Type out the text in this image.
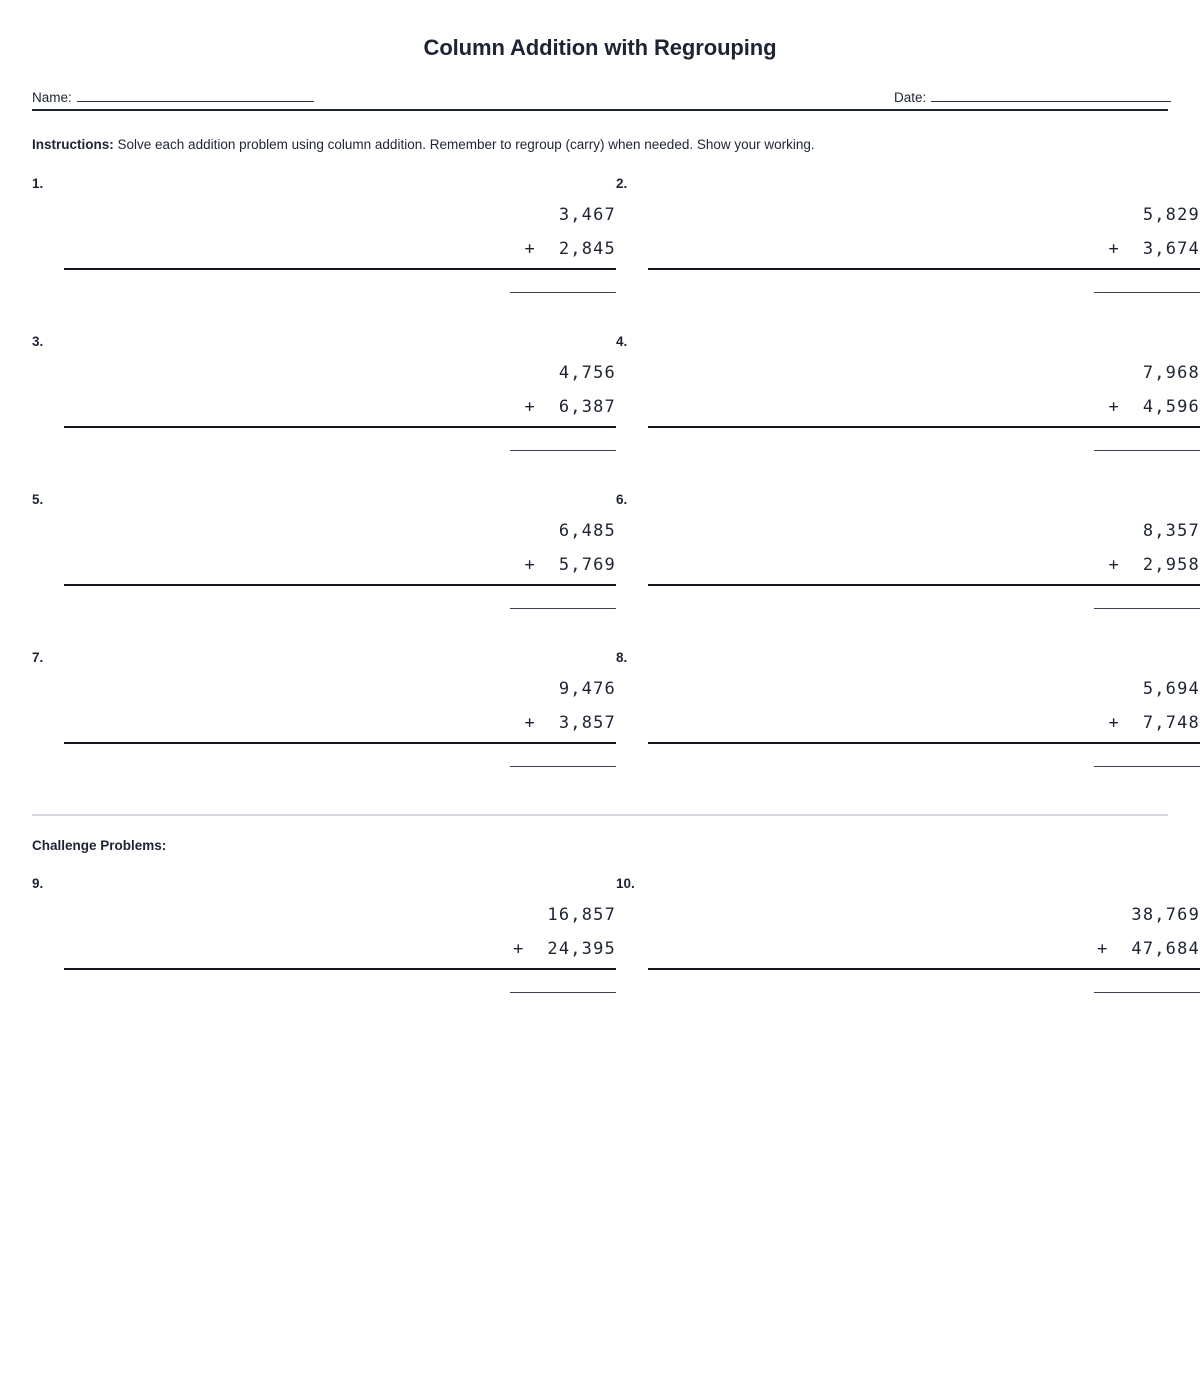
Column Addition with Regrouping
Name:	Date:

Instructions: Solve each addition problem using column addition. Remember to regroup (carry) when needed. Show your working.

1.
3,467
+  2,845
2.
5,829
+  3,674
3.
4,756
+  6,387
4.
7,968
+  4,596
5.
6,485
+  5,769
6.
8,357
+  2,958
7.
9,476
+  3,857
8.
5,694
+  7,748
Challenge Problems:
9.
16,857
+  24,395
10.
38,769
+  47,684
